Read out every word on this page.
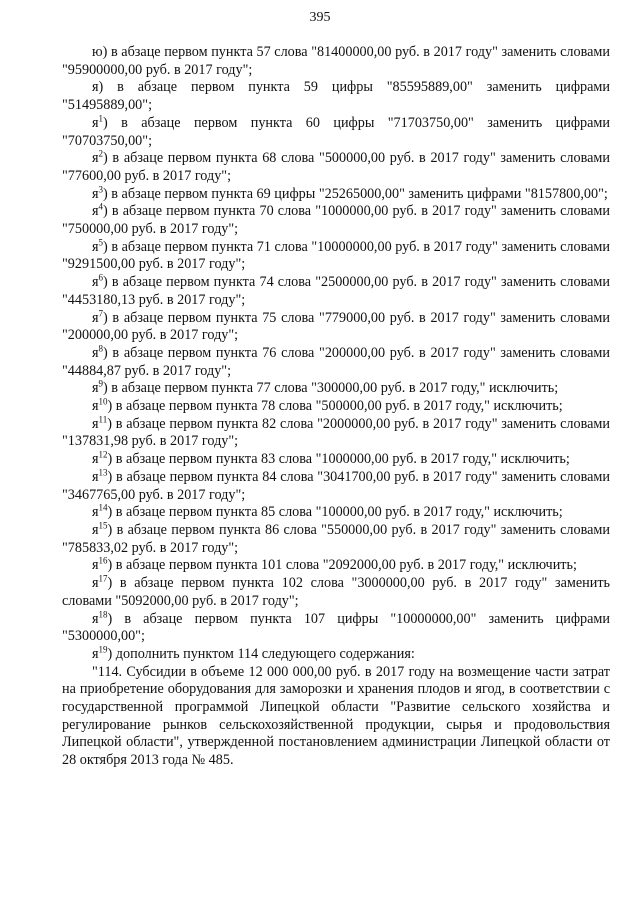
395

ю) в абзаце первом пункта 57 слова "81400000,00 руб. в 2017 году" заменить словами "95900000,00 руб. в 2017 году";

я) в абзаце первом пункта 59 цифры "85595889,00" заменить цифрами "51495889,00";

$я^1$) в абзаце первом пункта 60 цифры "71703750,00" заменить цифрами "70703750,00";

$я^2$) в абзаце первом пункта 68 слова "500000,00 руб. в 2017 году" заменить словами "77600,00 руб. в 2017 году";

$я^3$) в абзаце первом пункта 69 цифры "25265000,00" заменить цифрами "8157800,00";

$я^4$) в абзаце первом пункта 70 слова "1000000,00 руб. в 2017 году" заменить словами "750000,00 руб. в 2017 году";

$я^5$) в абзаце первом пункта 71 слова "10000000,00 руб. в 2017 году" заменить словами "9291500,00 руб. в 2017 году";

$я^6$) в абзаце первом пункта 74 слова "2500000,00 руб. в 2017 году" заменить словами "4453180,13 руб. в 2017 году";

$я^7$) в абзаце первом пункта 75 слова "779000,00 руб. в 2017 году" заменить словами "200000,00 руб. в 2017 году";

$я^8$) в абзаце первом пункта 76 слова "200000,00 руб. в 2017 году" заменить словами "44884,87 руб. в 2017 году";

$я^9$) в абзаце первом пункта 77 слова "300000,00 руб. в 2017 году," исключить;

$я^{10}$) в абзаце первом пункта 78 слова "500000,00 руб. в 2017 году," исключить;

$я^{11}$) в абзаце первом пункта 82 слова "2000000,00 руб. в 2017 году" заменить словами "137831,98 руб. в 2017 году";

$я^{12}$) в абзаце первом пункта 83 слова "1000000,00 руб. в 2017 году," исключить;

$я^{13}$) в абзаце первом пункта 84 слова "3041700,00 руб. в 2017 году" заменить словами "3467765,00 руб. в 2017 году";

$я^{14}$) в абзаце первом пункта 85 слова "100000,00 руб. в 2017 году," исключить;

$я^{15}$) в абзаце первом пункта 86 слова "550000,00 руб. в 2017 году" заменить словами "785833,02 руб. в 2017 году";

$я^{16}$) в абзаце первом пункта 101 слова "2092000,00 руб. в 2017 году," исключить;

$я^{17}$) в абзаце первом пункта 102 слова "3000000,00 руб. в 2017 году" заменить словами "5092000,00 руб. в 2017 году";

$я^{18}$) в абзаце первом пункта 107 цифры "10000000,00" заменить цифрами "5300000,00";

$я^{19}$) дополнить пунктом 114 следующего содержания:

"114. Субсидии в объеме 12 000 000,00 руб. в 2017 году на возмещение части затрат на приобретение оборудования для заморозки и хранения плодов и ягод, в соответствии с государственной программой Липецкой области "Развитие сельского хозяйства и регулирование рынков сельскохозяйственной продукции, сырья и продовольствия Липецкой области", утвержденной постановлением администрации Липецкой области от 28 октября 2013 года № 485.
